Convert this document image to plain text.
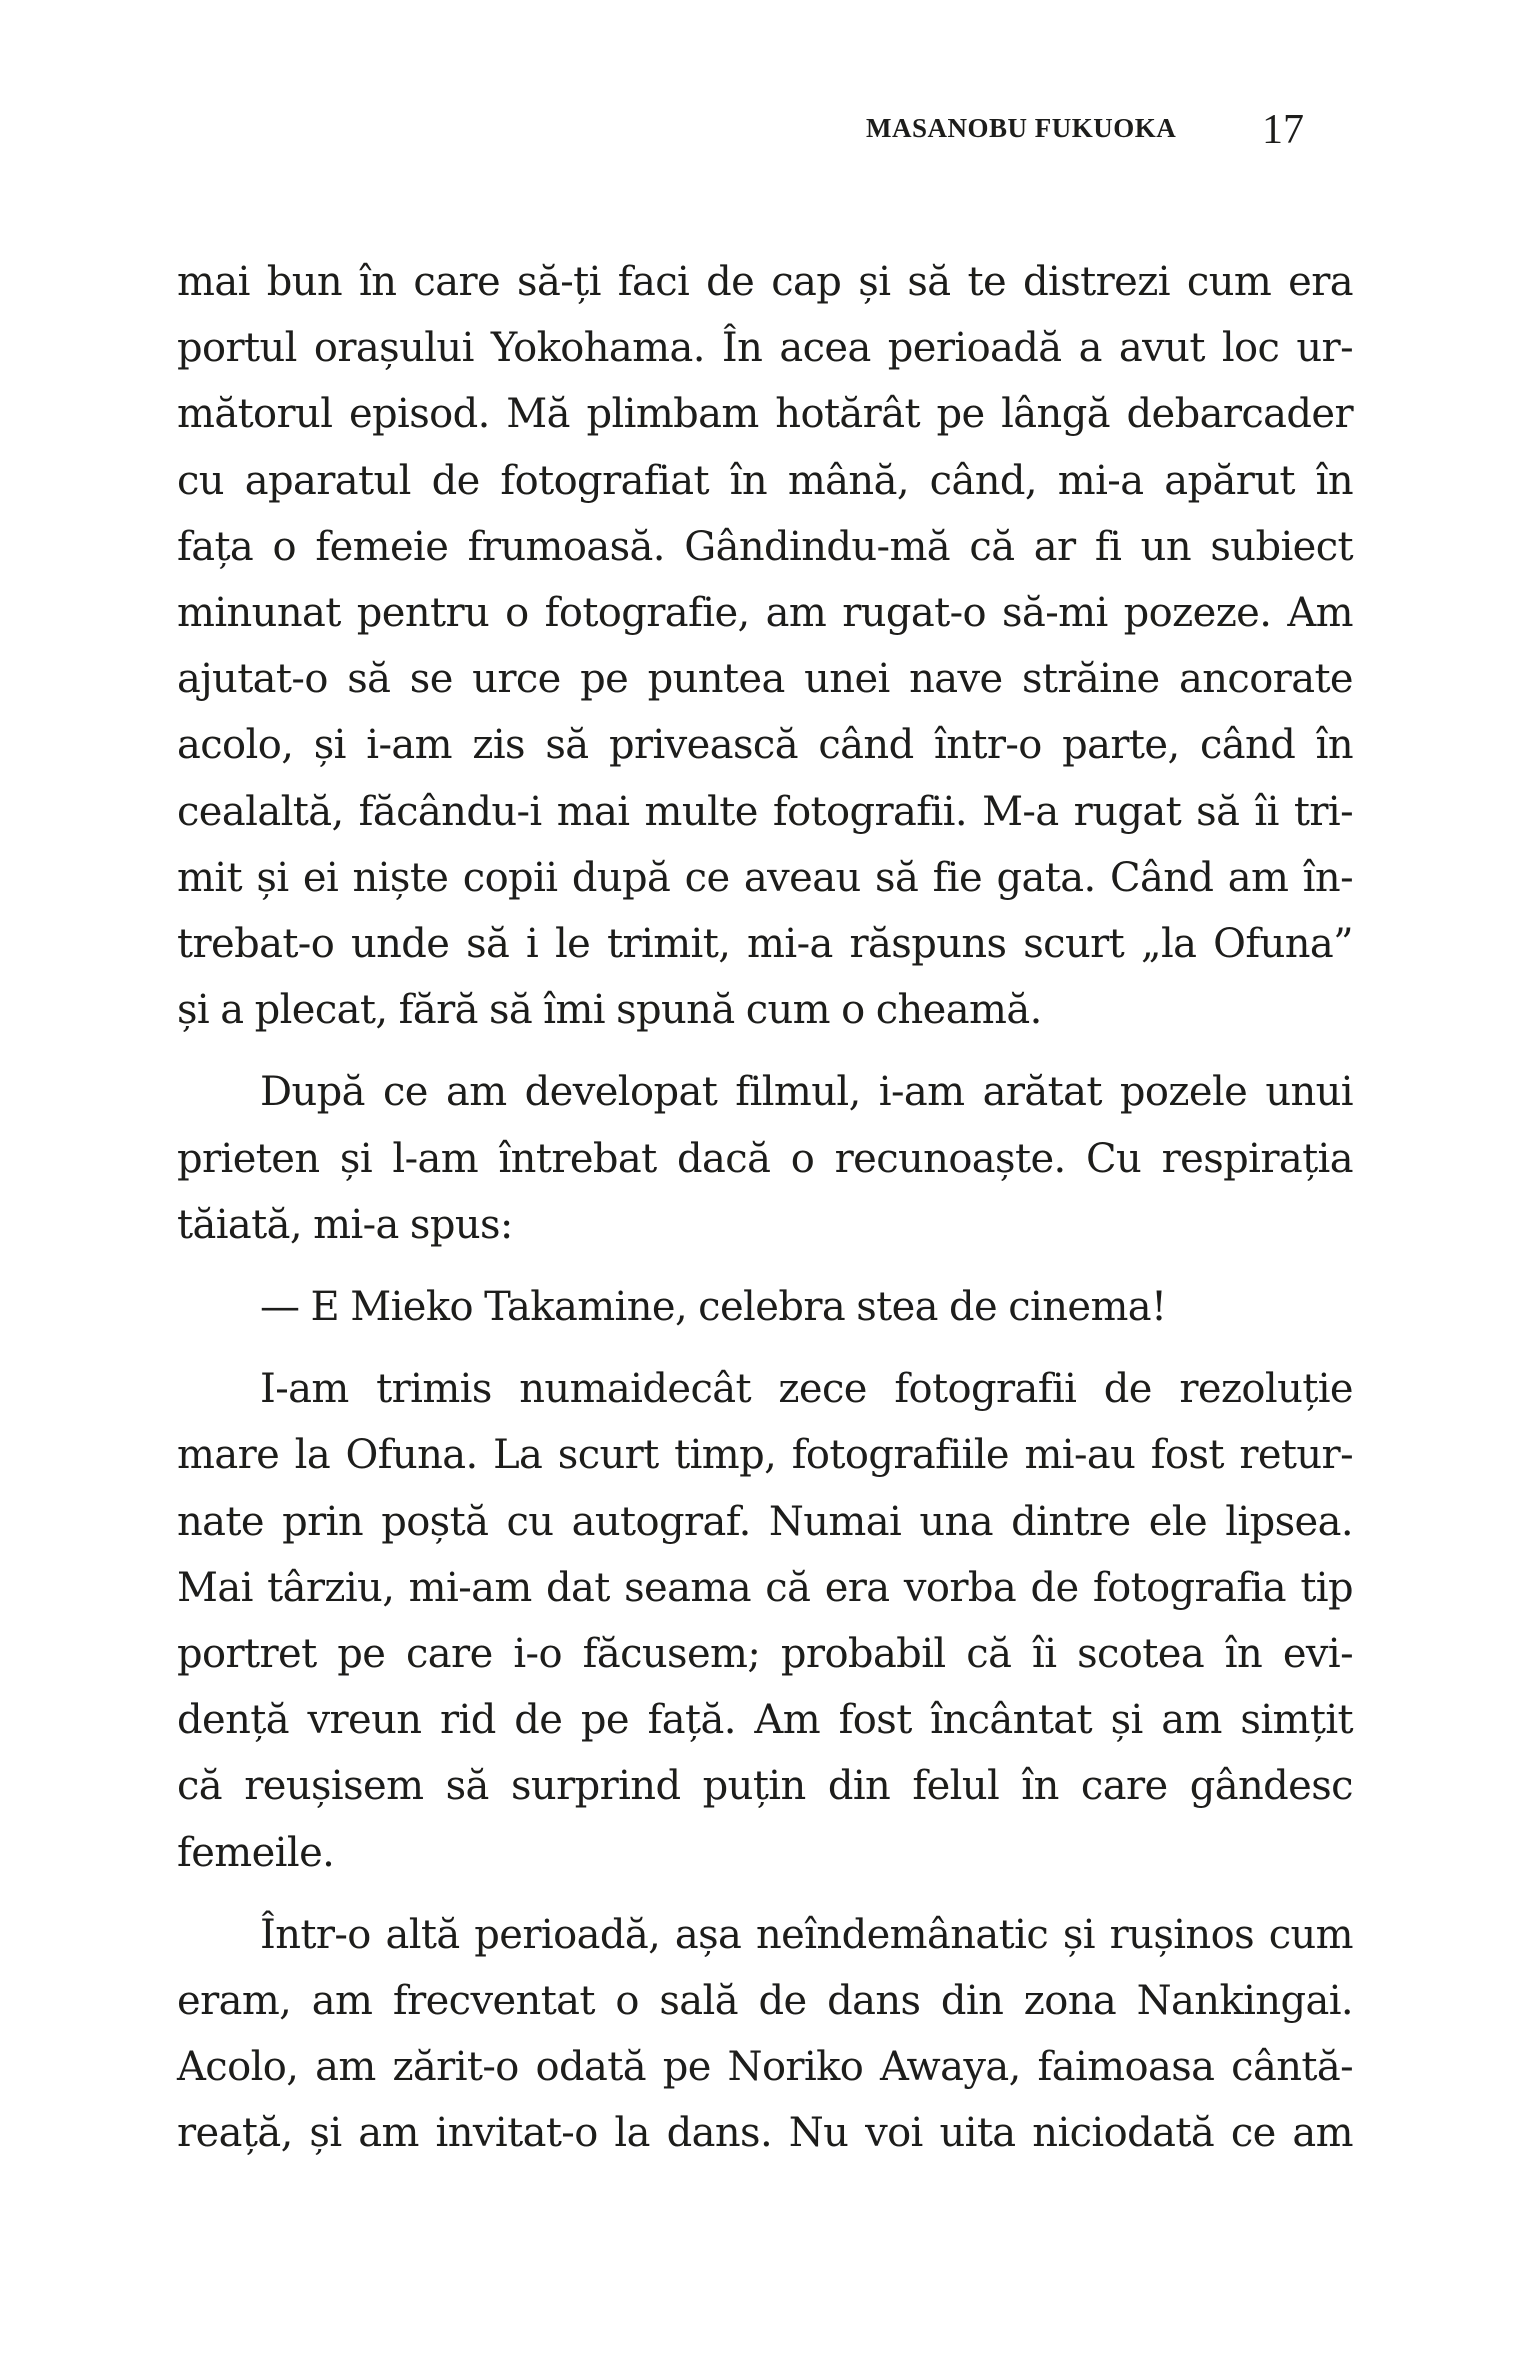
MASANOBU FUKUOKA 17
mai bun în care să-ți faci de cap și să te distrezi cum era
portul orașului Yokohama. În acea perioadă a avut loc ur-
mătorul episod. Mă plimbam hotărât pe lângă debarcader
cu aparatul de fotografiat în mână, când, mi-a apărut în
fața o femeie frumoasă. Gândindu-mă că ar fi un subiect
minunat pentru o fotografie, am rugat-o să-mi pozeze. Am
ajutat-o să se urce pe puntea unei nave străine ancorate
acolo, și i-am zis să privească când într-o parte, când în
cealaltă, făcându-i mai multe fotografii. M-a rugat să îi tri-
mit și ei niște copii după ce aveau să fie gata. Când am în-
trebat-o unde să i le trimit, mi-a răspuns scurt „la Ofuna”
și a plecat, fără să îmi spună cum o cheamă.
După ce am developat filmul, i-am arătat pozele unui
prieten și l-am întrebat dacă o recunoaște. Cu respirația
tăiată, mi-a spus:
— E Mieko Takamine, celebra stea de cinema!
I-am trimis numaidecât zece fotografii de rezoluție
mare la Ofuna. La scurt timp, fotografiile mi-au fost retur-
nate prin poștă cu autograf. Numai una dintre ele lipsea.
Mai târziu, mi-am dat seama că era vorba de fotografia tip
portret pe care i-o făcusem; probabil că îi scotea în evi-
dență vreun rid de pe față. Am fost încântat și am simțit
că reușisem să surprind puțin din felul în care gândesc
femeile.
Într-o altă perioadă, așa neîndemânatic și rușinos cum
eram, am frecventat o sală de dans din zona Nankingai.
Acolo, am zărit-o odată pe Noriko Awaya, faimoasa cântă-
reață, și am invitat-o la dans. Nu voi uita niciodată ce am
